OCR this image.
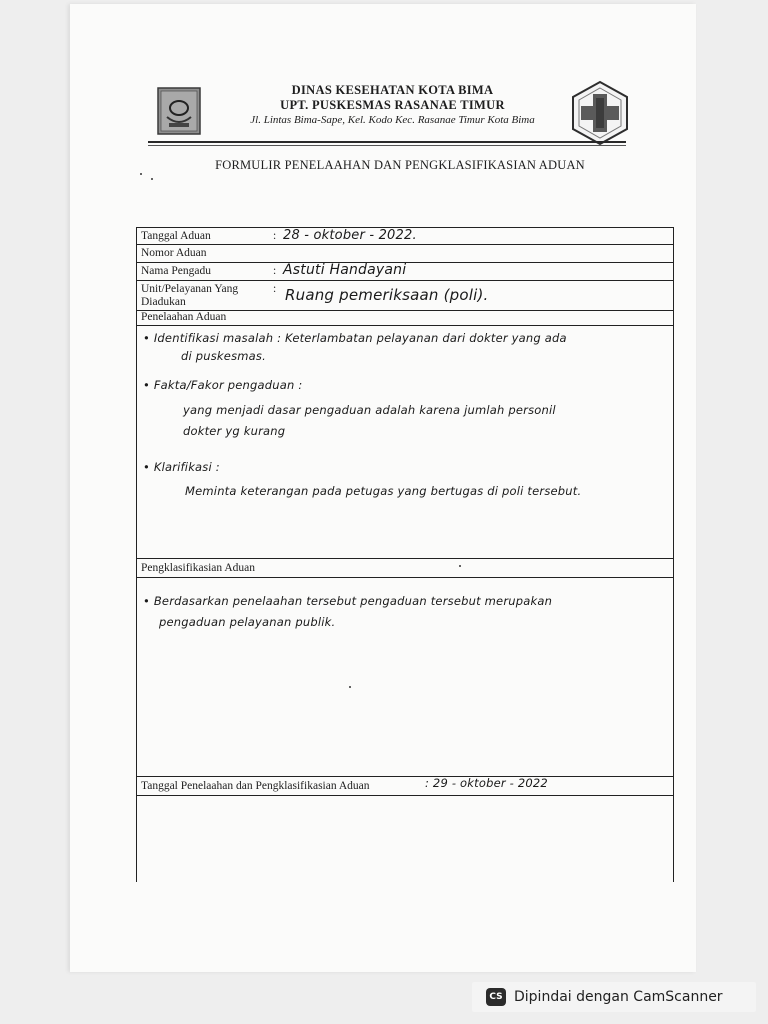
DINAS KESEHATAN KOTA BIMA
UPT. PUSKESMAS RASANAE TIMUR
Jl. Lintas Bima-Sape, Kel. Kodo Kec. Rasanae Timur Kota Bima
FORMULIR PENELAAHAN DAN PENGKLASIFIKASIAN ADUAN
Tanggal Aduan	: 28 - oktober - 2022.
Nomor Aduan
Nama Pengadu	: Astuti Handayani
Unit/Pelayanan Yang
Diadukan
: Ruang pemeriksaan (poli).
Penelaahan Aduan
• Identifikasi masalah : Keterlambatan pelayanan dari dokter yang ada
di puskesmas.
• Fakta/Fakor pengaduan :
yang menjadi dasar pengaduan adalah karena jumlah personil
dokter yg kurang
• Klarifikasi :
Meminta keterangan pada petugas yang bertugas di poli tersebut.
Pengklasifikasian Aduan
• Berdasarkan penelaahan tersebut pengaduan tersebut merupakan
pengaduan pelayanan publik.
Tanggal Penelaahan dan Pengklasifikasian Aduan	: 29 - oktober - 2022
CS Dipindai dengan CamScanner
